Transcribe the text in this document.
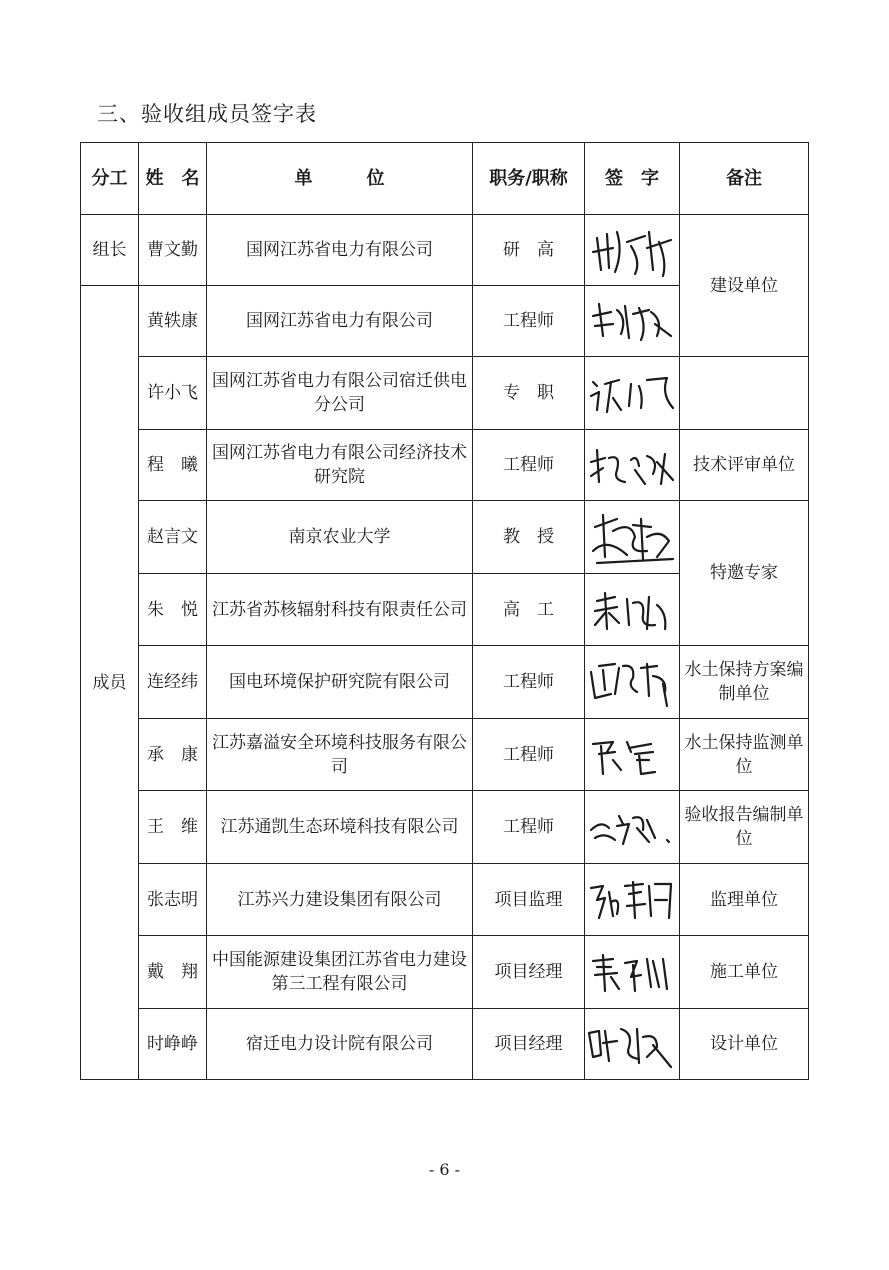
三、验收组成员签字表
分工	姓　名	单　　　位	职务/职称	签　字	备注
组长	曹文勤	国网江苏省电力有限公司	研　高		建设单位
成员	黄轶康	国网江苏省电力有限公司	工程师	

	许小飞	国网江苏省电力有限公司宿迁供电分公司	专　职	

	程　曦	国网江苏省电力有限公司经济技术研究院	工程师		技术评审单位
	赵言文	南京农业大学	教　授		特邀专家
	朱　悦	江苏省苏核辐射科技有限责任公司	高　工	

	连经纬	国电环境保护研究院有限公司	工程师		水土保持方案编制单位
	承　康	江苏嘉溢安全环境科技服务有限公司	工程师		水土保持监测单位
	王　维	江苏通凯生态环境科技有限公司	工程师		验收报告编制单位
	张志明	江苏兴力建设集团有限公司	项目监理		监理单位
	戴　翔	中国能源建设集团江苏省电力建设第三工程有限公司	项目经理		施工单位
	时峥峥	宿迁电力设计院有限公司	项目经理		设计单位
- 6 -
